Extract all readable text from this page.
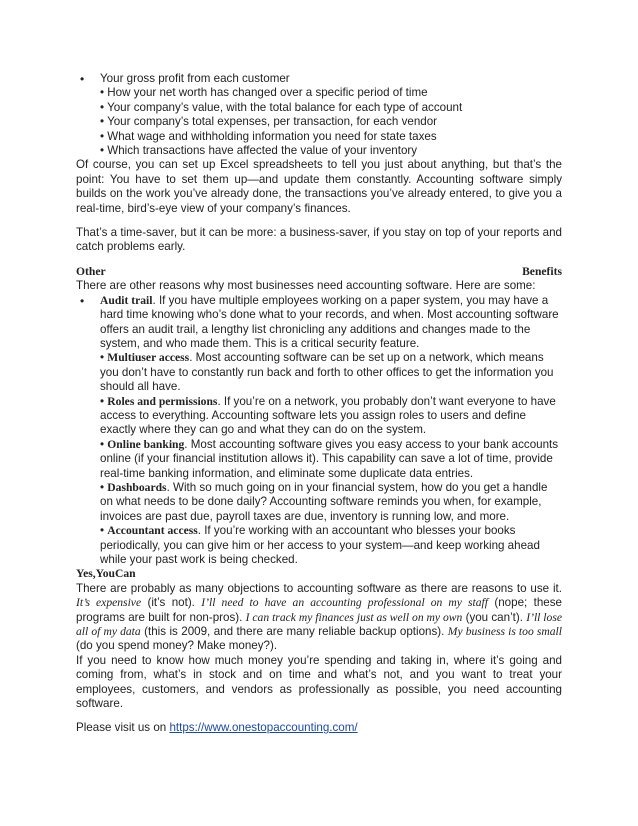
• Your gross profit from each customer
• How your net worth has changed over a specific period of time
• Your company’s value, with the total balance for each type of account
• Your company’s total expenses, per transaction, for each vendor
• What wage and withholding information you need for state taxes
• Which transactions have affected the value of your inventory

Of course, you can set up Excel spreadsheets to tell you just about anything, but that’s the point: You have to set them up—and update them constantly. Accounting software simply builds on the work you’ve already done, the transactions you’ve already entered, to give you a real-time, bird’s-eye view of your company’s finances.

That’s a time-saver, but it can be more: a business-saver, if you stay on top of your reports and catch problems early.

Other	Benefits
There are other reasons why most businesses need accounting software. Here are some:
• Audit trail. If you have multiple employees working on a paper system, you may have a hard time knowing who’s done what to your records, and when. Most accounting software offers an audit trail, a lengthy list chronicling any additions and changes made to the system, and who made them. This is a critical security feature.
• Multiuser access. Most accounting software can be set up on a network, which means you don’t have to constantly run back and forth to other offices to get the information you should all have.
• Roles and permissions. If you’re on a network, you probably don’t want everyone to have access to everything. Accounting software lets you assign roles to users and define exactly where they can go and what they can do on the system.
• Online banking. Most accounting software gives you easy access to your bank accounts online (if your financial institution allows it). This capability can save a lot of time, provide real-time banking information, and eliminate some duplicate data entries.
• Dashboards. With so much going on in your financial system, how do you get a handle on what needs to be done daily? Accounting software reminds you when, for example, invoices are past due, payroll taxes are due, inventory is running low, and more.
• Accountant access. If you’re working with an accountant who blesses your books periodically, you can give him or her access to your system—and keep working ahead while your past work is being checked.
Yes,YouCan

There are probably as many objections to accounting software as there are reasons to use it. It’s expensive (it’s not). I’ll need to have an accounting professional on my staff (nope; these programs are built for non-pros). I can track my finances just as well on my own (you can’t). I’ll lose all of my data (this is 2009, and there are many reliable backup options). My business is too small (do you spend money? Make money?).

If you need to know how much money you’re spending and taking in, where it’s going and coming from, what’s in stock and on time and what’s not, and you want to treat your employees, customers, and vendors as professionally as possible, you need accounting software.

Please visit us on https://www.onestopaccounting.com/
